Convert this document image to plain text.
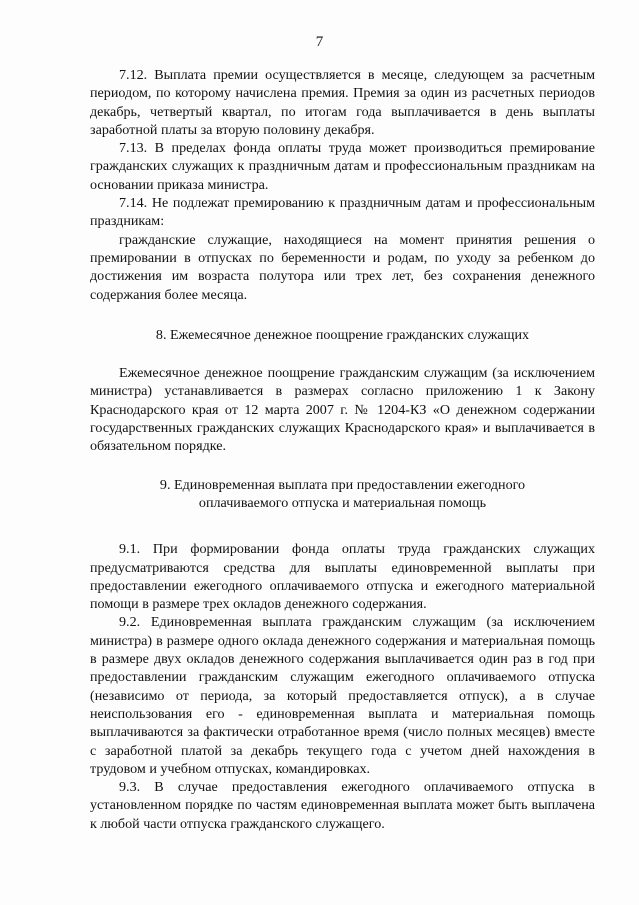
7

7.12. Выплата премии осуществляется в месяце, следующем за расчетным периодом, по которому начислена премия. Премия за один из расчетных периодов декабрь, четвертый квартал, по итогам года выплачивается в день выплаты заработной платы за вторую половину декабря.

7.13. В пределах фонда оплаты труда может производиться премирование гражданских служащих к праздничным датам и профессиональным праздникам на основании приказа министра.

7.14. Не подлежат премированию к праздничным датам и профессиональным праздникам:

гражданские служащие, находящиеся на момент принятия решения о премировании в отпусках по беременности и родам, по уходу за ребенком до достижения им возраста полутора или трех лет, без сохранения денежного содержания более месяца.

8. Ежемесячное денежное поощрение гражданских служащих

Ежемесячное денежное поощрение гражданским служащим (за исключением министра) устанавливается в размерах согласно приложению 1 к Закону Краснодарского края от 12 марта 2007 г. № 1204-КЗ «О денежном содержании государственных гражданских служащих Краснодарского края» и выплачивается в обязательном порядке.

9. Единовременная выплата при предоставлении ежегодного

оплачиваемого отпуска и материальная помощь

9.1. При формировании фонда оплаты труда гражданских служащих предусматриваются средства для выплаты единовременной выплаты при предоставлении ежегодного оплачиваемого отпуска и ежегодного материальной помощи в размере трех окладов денежного содержания.

9.2. Единовременная выплата гражданским служащим (за исключением министра) в размере одного оклада денежного содержания и материальная помощь в размере двух окладов денежного содержания выплачивается один раз в год при предоставлении гражданским служащим ежегодного оплачиваемого отпуска (независимо от периода, за который предоставляется отпуск), а в случае неиспользования его - единовременная выплата и материальная помощь выплачиваются за фактически отработанное время (число полных месяцев) вместе с заработной платой за декабрь текущего года с учетом дней нахождения в трудовом и учебном отпусках, командировках.

9.3. В случае предоставления ежегодного оплачиваемого отпуска в установленном порядке по частям единовременная выплата может быть выплачена к любой части отпуска гражданского служащего.
